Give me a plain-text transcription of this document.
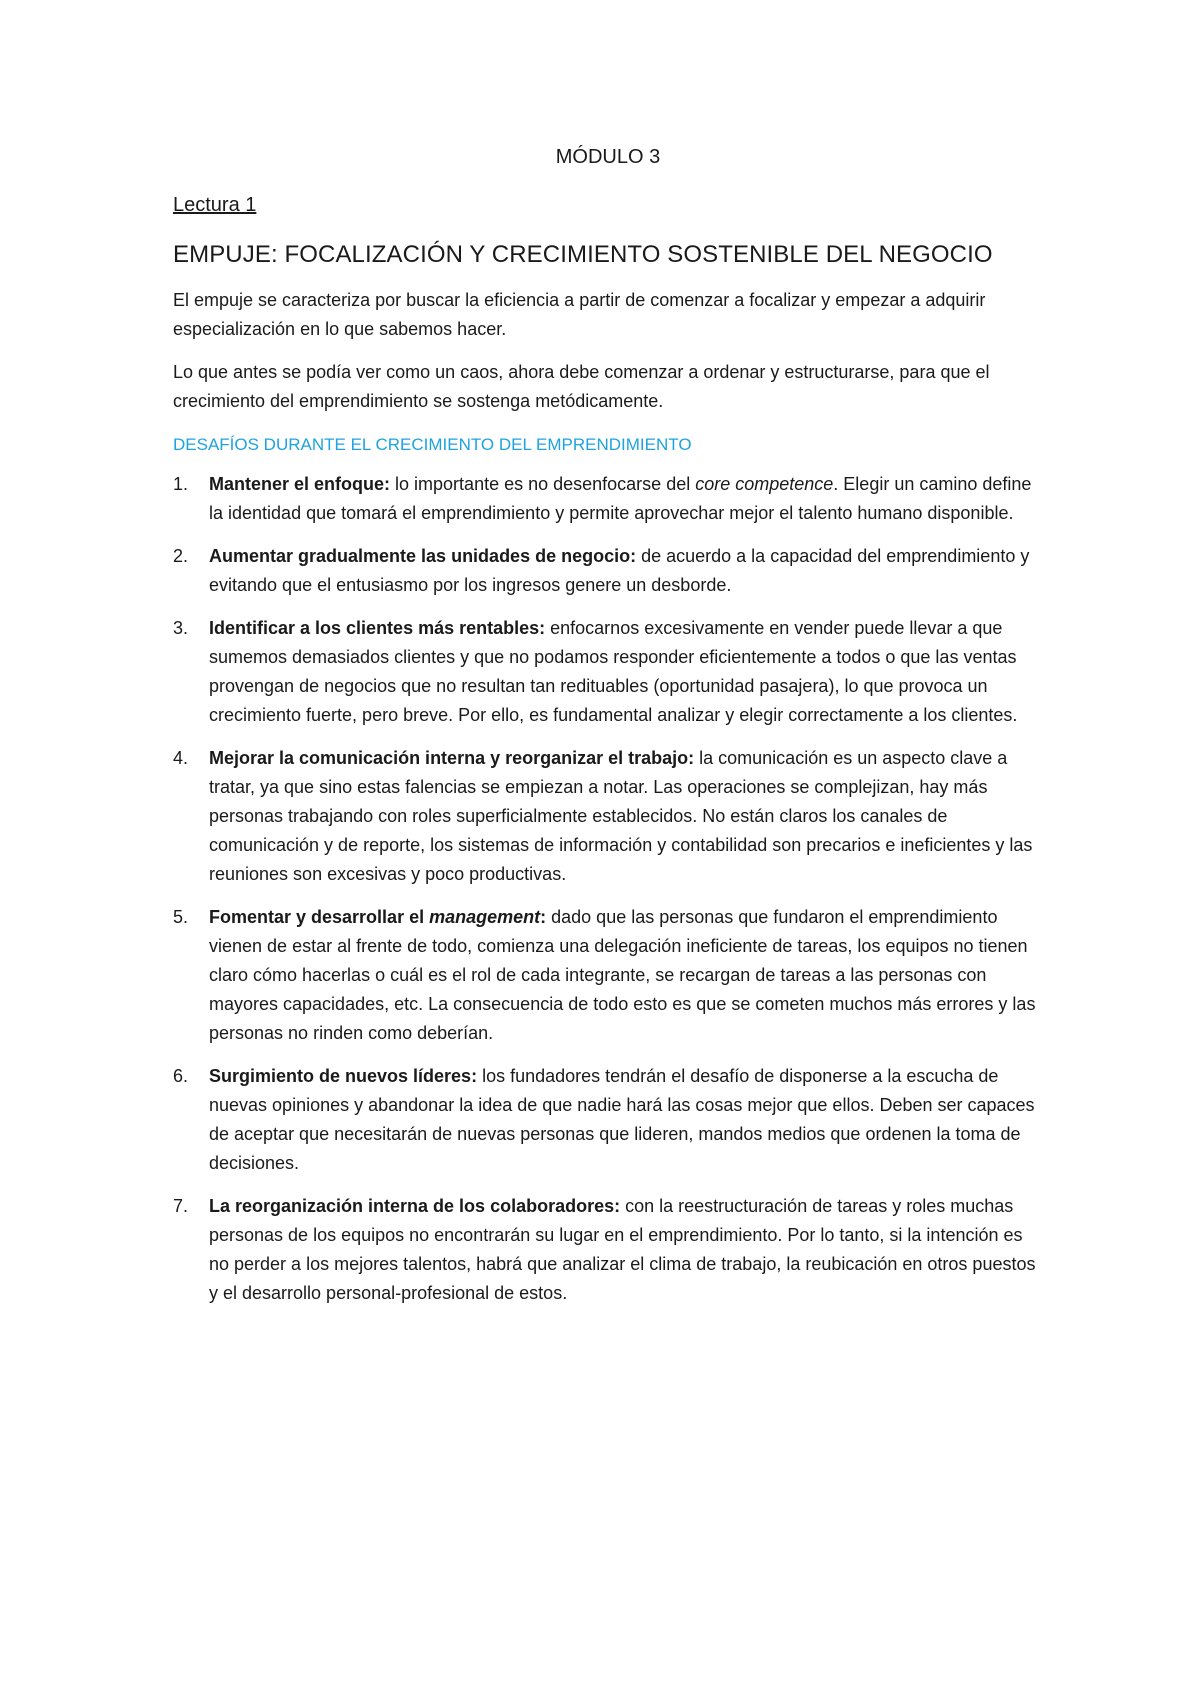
MÓDULO 3
Lectura 1
EMPUJE: FOCALIZACIÓN Y CRECIMIENTO SOSTENIBLE DEL NEGOCIO

El empuje se caracteriza por buscar la eficiencia a partir de comenzar a focalizar y empezar a adquirir especialización en lo que sabemos hacer.

Lo que antes se podía ver como un caos, ahora debe comenzar a ordenar y estructurarse, para que el crecimiento del emprendimiento se sostenga metódicamente.

DESAFÍOS DURANTE EL CRECIMIENTO DEL EMPRENDIMIENTO
1. Mantener el enfoque: lo importante es no desenfocarse del core competence. Elegir un camino define la identidad que tomará el emprendimiento y permite aprovechar mejor el talento humano disponible.
2. Aumentar gradualmente las unidades de negocio: de acuerdo a la capacidad del emprendimiento y evitando que el entusiasmo por los ingresos genere un desborde.
3. Identificar a los clientes más rentables: enfocarnos excesivamente en vender puede llevar a que sumemos demasiados clientes y que no podamos responder eficientemente a todos o que las ventas provengan de negocios que no resultan tan redituables (oportunidad pasajera), lo que provoca un crecimiento fuerte, pero breve. Por ello, es fundamental analizar y elegir correctamente a los clientes.
4. Mejorar la comunicación interna y reorganizar el trabajo: la comunicación es un aspecto clave a tratar, ya que sino estas falencias se empiezan a notar. Las operaciones se complejizan, hay más personas trabajando con roles superficialmente establecidos. No están claros los canales de comunicación y de reporte, los sistemas de información y contabilidad son precarios e ineficientes y las reuniones son excesivas y poco productivas.
5. Fomentar y desarrollar el management: dado que las personas que fundaron el emprendimiento vienen de estar al frente de todo, comienza una delegación ineficiente de tareas, los equipos no tienen claro cómo hacerlas o cuál es el rol de cada integrante, se recargan de tareas a las personas con mayores capacidades, etc. La consecuencia de todo esto es que se cometen muchos más errores y las personas no rinden como deberían.
6. Surgimiento de nuevos líderes: los fundadores tendrán el desafío de disponerse a la escucha de nuevas opiniones y abandonar la idea de que nadie hará las cosas mejor que ellos. Deben ser capaces de aceptar que necesitarán de nuevas personas que lideren, mandos medios que ordenen la toma de decisiones.
7. La reorganización interna de los colaboradores: con la reestructuración de tareas y roles muchas personas de los equipos no encontrarán su lugar en el emprendimiento. Por lo tanto, si la intención es no perder a los mejores talentos, habrá que analizar el clima de trabajo, la reubicación en otros puestos y el desarrollo personal-profesional de estos.
